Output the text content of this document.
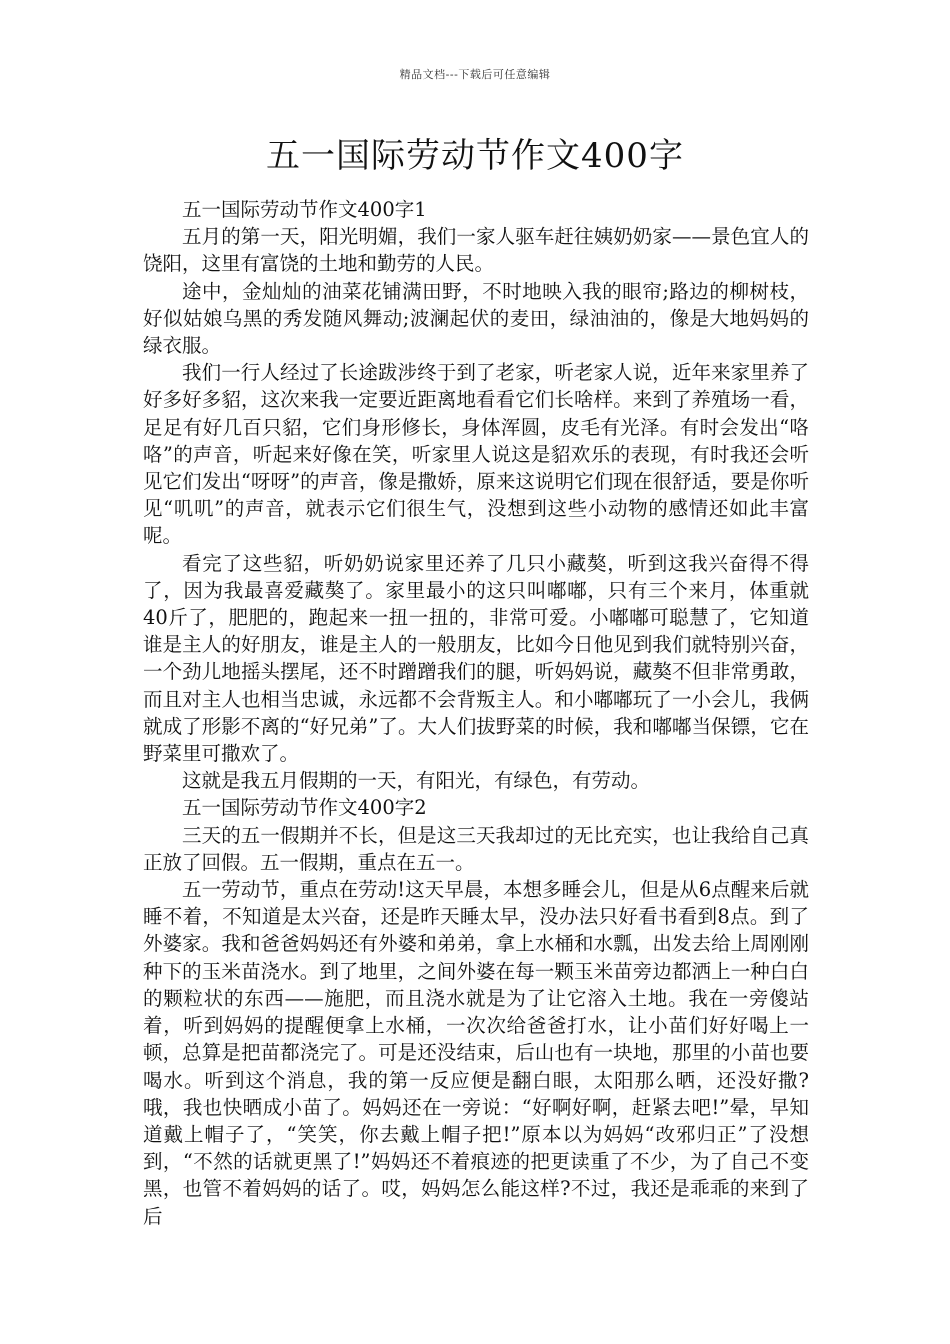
精品文档---下载后可任意编辑
五一国际劳动节作文400字

五一国际劳动节作文400字1

五月的第一天，阳光明媚，我们一家人驱车赶往姨奶奶家——景色宜人的饶阳，这里有富饶的土地和勤劳的人民。

途中，金灿灿的油菜花铺满田野，不时地映入我的眼帘;路边的柳树枝，好似姑娘乌黑的秀发随风舞动;波澜起伏的麦田，绿油油的，像是大地妈妈的绿衣服。

我们一行人经过了长途跋涉终于到了老家，听老家人说，近年来家里养了好多好多貂，这次来我一定要近距离地看看它们长啥样。来到了养殖场一看，足足有好几百只貂，它们身形修长，身体浑圆，皮毛有光泽。有时会发出“咯咯”的声音，听起来好像在笑，听家里人说这是貂欢乐的表现，有时我还会听见它们发出“呀呀”的声音，像是撒娇，原来这说明它们现在很舒适，要是你听见“叽叽”的声音，就表示它们很生气，没想到这些小动物的感情还如此丰富呢。

看完了这些貂，听奶奶说家里还养了几只小藏獒，听到这我兴奋得不得了，因为我最喜爱藏獒了。家里最小的这只叫嘟嘟，只有三个来月，体重就40斤了，肥肥的，跑起来一扭一扭的，非常可爱。小嘟嘟可聪慧了，它知道谁是主人的好朋友，谁是主人的一般朋友，比如今日他见到我们就特别兴奋，一个劲儿地摇头摆尾，还不时蹭蹭我们的腿，听妈妈说，藏獒不但非常勇敢，而且对主人也相当忠诚，永远都不会背叛主人。和小嘟嘟玩了一小会儿，我俩就成了形影不离的“好兄弟”了。大人们拔野菜的时候，我和嘟嘟当保镖，它在野菜里可撒欢了。

这就是我五月假期的一天，有阳光，有绿色，有劳动。

五一国际劳动节作文400字2

三天的五一假期并不长，但是这三天我却过的无比充实，也让我给自己真正放了回假。五一假期，重点在五一。

五一劳动节，重点在劳动!这天早晨，本想多睡会儿，但是从6点醒来后就睡不着，不知道是太兴奋，还是昨天睡太早，没办法只好看书看到8点。到了外婆家。我和爸爸妈妈还有外婆和弟弟，拿上水桶和水瓢，出发去给上周刚刚种下的玉米苗浇水。到了地里，之间外婆在每一颗玉米苗旁边都洒上一种白白的颗粒状的东西——施肥，而且浇水就是为了让它溶入土地。我在一旁傻站着，听到妈妈的提醒便拿上水桶，一次次给爸爸打水，让小苗们好好喝上一顿，总算是把苗都浇完了。可是还没结束，后山也有一块地，那里的小苗也要喝水。听到这个消息，我的第一反应便是翻白眼，太阳那么晒，还没好撒?哦，我也快晒成小苗了。妈妈还在一旁说：“好啊好啊，赶紧去吧!”晕，早知道戴上帽子了，“笑笑，你去戴上帽子把!”原本以为妈妈“改邪归正”了没想到，“不然的话就更黑了!”妈妈还不着痕迹的把更读重了不少，为了自己不变黑，也管不着妈妈的话了。哎，妈妈怎么能这样?不过，我还是乖乖的来到了后
